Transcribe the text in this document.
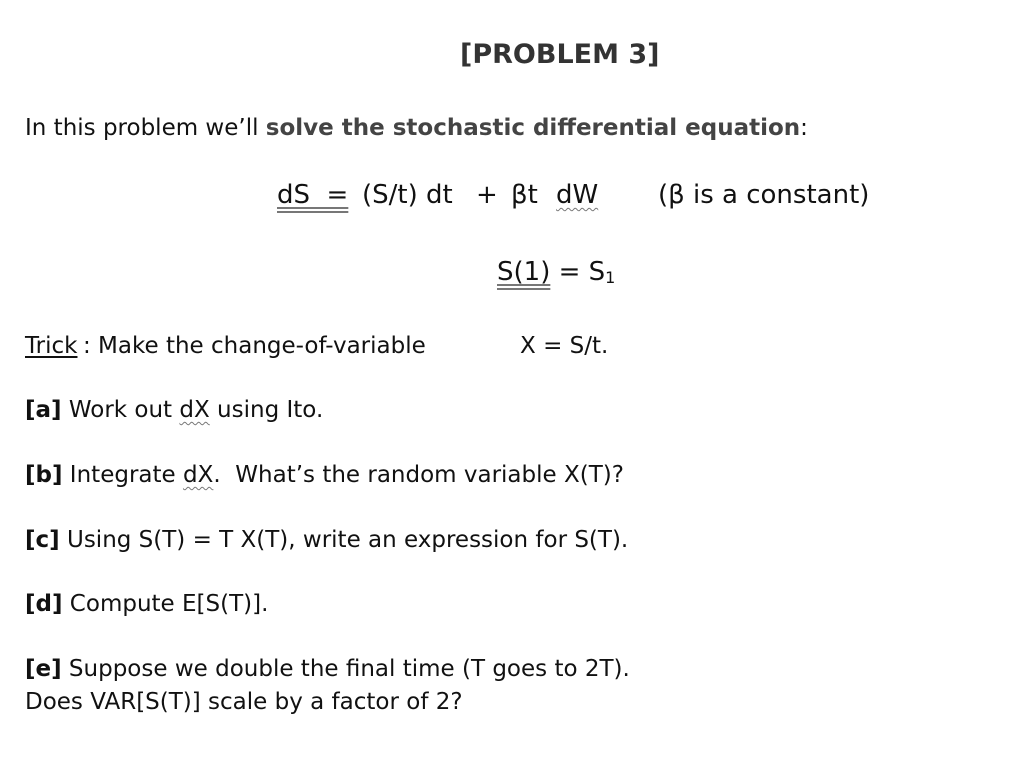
[PROBLEM 3]
In this problem we’ll solve the stochastic differential equation:
dS  = (S/t) dt + βt dW (β is a constant)
S(1) = S1
Trick : Make the change-of-variable	X = S/t.
[a] Work out dX using Ito.
[b] Integrate dX.  What’s the random variable X(T)?
[c] Using S(T) = T X(T), write an expression for S(T).
[d] Compute E[S(T)].
[e] Suppose we double the final time (T goes to 2T).
Does VAR[S(T)] scale by a factor of 2?
